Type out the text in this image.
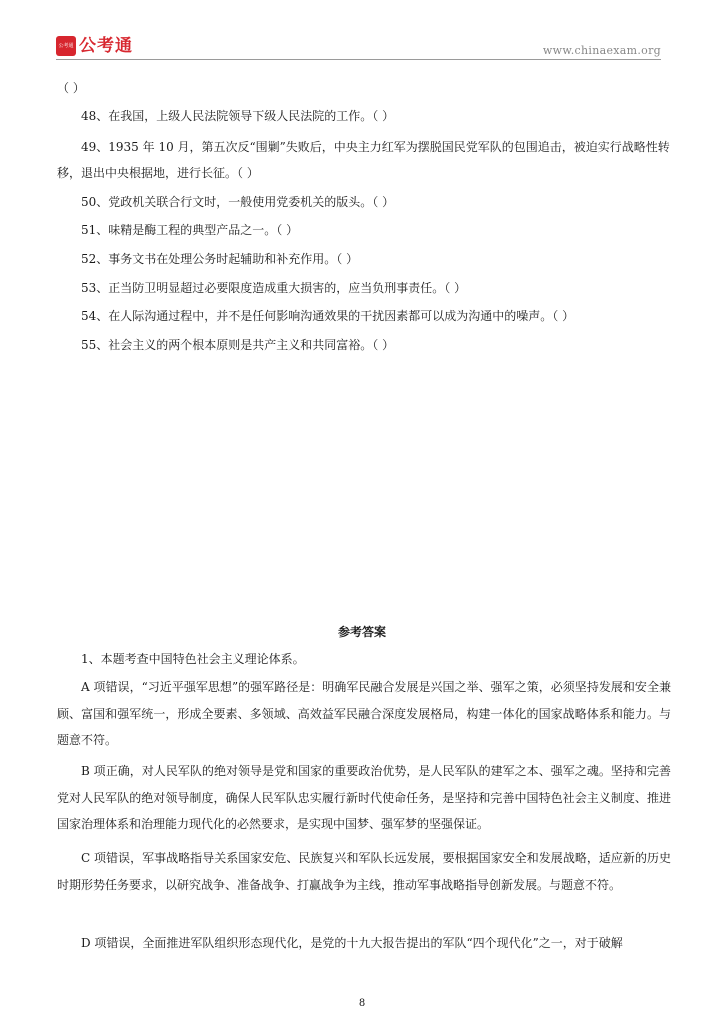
公考通 公考通	www.chinaexam.org
（ ）
48、在我国，上级人民法院领导下级人民法院的工作。（ ）
49、1935 年 10 月，第五次反“围剿”失败后，中央主力红军为摆脱国民党军队的包围追击，被迫实行战略性转移，退出中央根据地，进行长征。（ ）
50、党政机关联合行文时，一般使用党委机关的版头。（ ）
51、味精是酶工程的典型产品之一。（ ）
52、事务文书在处理公务时起辅助和补充作用。（ ）
53、正当防卫明显超过必要限度造成重大损害的，应当负刑事责任。（ ）
54、在人际沟通过程中，并不是任何影响沟通效果的干扰因素都可以成为沟通中的噪声。（ ）
55、社会主义的两个根本原则是共产主义和共同富裕。（ ）
参考答案
1、本题考查中国特色社会主义理论体系。
A 项错误，“习近平强军思想”的强军路径是：明确军民融合发展是兴国之举、强军之策，必须坚持发展和安全兼顾、富国和强军统一，形成全要素、多领域、高效益军民融合深度发展格局，构建一体化的国家战略体系和能力。与题意不符。
B 项正确，对人民军队的绝对领导是党和国家的重要政治优势，是人民军队的建军之本、强军之魂。坚持和完善党对人民军队的绝对领导制度，确保人民军队忠实履行新时代使命任务，是坚持和完善中国特色社会主义制度、推进国家治理体系和治理能力现代化的必然要求，是实现中国梦、强军梦的坚强保证。
C 项错误，军事战略指导关系国家安危、民族复兴和军队长远发展，要根据国家安全和发展战略，适应新的历史时期形势任务要求，以研究战争、准备战争、打赢战争为主线，推动军事战略指导创新发展。与题意不符。
D 项错误，全面推进军队组织形态现代化，是党的十九大报告提出的军队“四个现代化”之一，对于破解
8
